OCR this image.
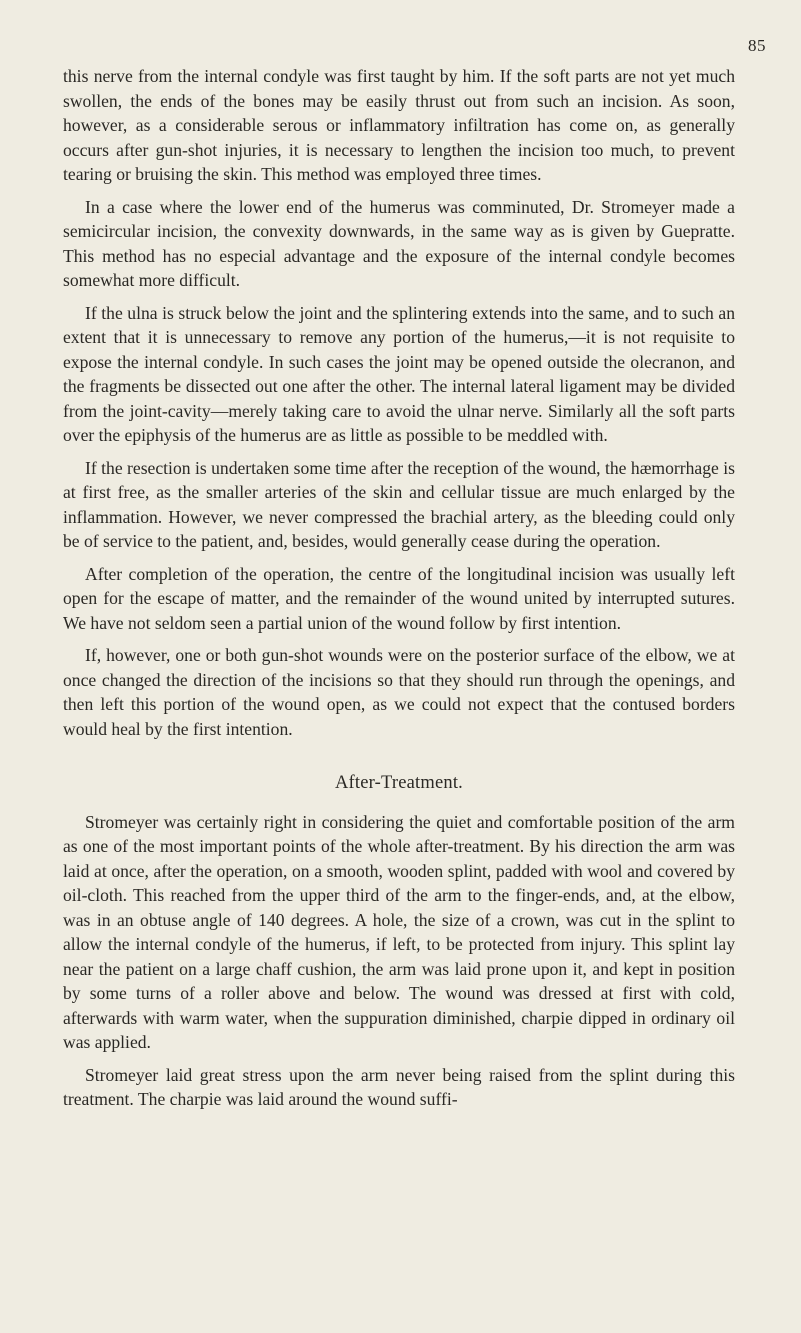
85

this nerve from the internal condyle was first taught by him. If the soft parts are not yet much swollen, the ends of the bones may be easily thrust out from such an incision. As soon, however, as a considerable serous or inflammatory infiltration has come on, as generally occurs after gun-shot injuries, it is necessary to lengthen the incision too much, to prevent tearing or bruising the skin. This method was employed three times.

In a case where the lower end of the humerus was comminuted, Dr. Stromeyer made a semicircular incision, the convexity downwards, in the same way as is given by Gueprattе. This method has no especial advantage and the exposure of the internal condyle becomes somewhat more difficult.

If the ulna is struck below the joint and the splintering extends into the same, and to such an extent that it is unnecessary to remove any portion of the humerus,—it is not requisite to expose the internal condyle. In such cases the joint may be opened outside the olecranon, and the fragments be dissected out one after the other. The internal lateral ligament may be divided from the joint-cavity—merely taking care to avoid the ulnar nerve. Similarly all the soft parts over the epiphysis of the humerus are as little as possible to be meddled with.

If the resection is undertaken some time after the reception of the wound, the hæmorrhage is at first free, as the smaller arteries of the skin and cellular tissue are much enlarged by the inflammation. However, we never compressed the brachial artery, as the bleeding could only be of service to the patient, and, besides, would generally cease during the operation.

After completion of the operation, the centre of the longitudinal incision was usually left open for the escape of matter, and the remainder of the wound united by interrupted sutures. We have not seldom seen a partial union of the wound follow by first intention.

If, however, one or both gun-shot wounds were on the posterior surface of the elbow, we at once changed the direction of the incisions so that they should run through the openings, and then left this portion of the wound open, as we could not expect that the contused borders would heal by the first intention.

After-Treatment.

Stromeyer was certainly right in considering the quiet and comfortable position of the arm as one of the most important points of the whole after-treatment. By his direction the arm was laid at once, after the operation, on a smooth, wooden splint, padded with wool and covered by oil-cloth. This reached from the upper third of the arm to the finger-ends, and, at the elbow, was in an obtuse angle of 140 degrees. A hole, the size of a crown, was cut in the splint to allow the internal condyle of the humerus, if left, to be protected from injury. This splint lay near the patient on a large chaff cushion, the arm was laid prone upon it, and kept in position by some turns of a roller above and below. The wound was dressed at first with cold, afterwards with warm water, when the suppuration diminished, charpie dipped in ordinary oil was applied.

Stromeyer laid great stress upon the arm never being raised from the splint during this treatment. The charpie was laid around the wound suffi-
